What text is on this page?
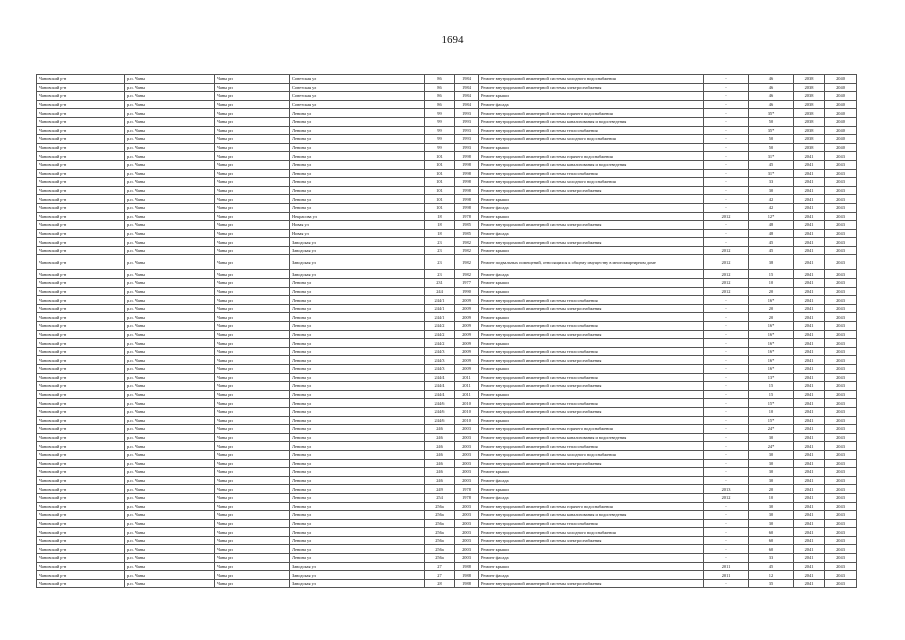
1694
Чановский р-н	р.п. Чаны	Чаны рп	Советская ул	86	1984	Ремонт внутридомовой инженерной системы холодного водоснабжения	-	46	2038	2040
Чановский р-н	р.п. Чаны	Чаны рп	Советская ул	86	1984	Ремонт внутридомовой инженерной системы электроснабжения	-	46	2038	2040
Чановский р-н	р.п. Чаны	Чаны рп	Советская ул	86	1984	Ремонт крыши	-	46	2038	2040
Чановский р-н	р.п. Чаны	Чаны рп	Советская ул	86	1984	Ремонт фасада	-	46	2038	2040
Чановский р-н	р.п. Чаны	Чаны рп	Ленина ул	99	1993	Ремонт внутридомовой инженерной системы горячего водоснабжения	-	35*	2038	2040
Чановский р-н	р.п. Чаны	Чаны рп	Ленина ул	99	1993	Ремонт внутридомовой инженерной системы канализования и водоотведения	-	50	2038	2040
Чановский р-н	р.п. Чаны	Чаны рп	Ленина ул	99	1993	Ремонт внутридомовой инженерной системы теплоснабжения	-	35*	2038	2040
Чановский р-н	р.п. Чаны	Чаны рп	Ленина ул	99	1993	Ремонт внутридомовой инженерной системы холодного водоснабжения	-	50	2038	2040
Чановский р-н	р.п. Чаны	Чаны рп	Ленина ул	99	1993	Ремонт крыши	-	50	2038	2040
Чановский р-н	р.п. Чаны	Чаны рп	Ленина ул	101	1998	Ремонт внутридомовой инженерной системы горячего водоснабжения	-	31*	2041	2043
Чановский р-н	р.п. Чаны	Чаны рп	Ленина ул	101	1998	Ремонт внутридомовой инженерной системы канализования и водоотведения	-	45	2041	2043
Чановский р-н	р.п. Чаны	Чаны рп	Ленина ул	101	1998	Ремонт внутридомовой инженерной системы теплоснабжения	-	31*	2041	2043
Чановский р-н	р.п. Чаны	Чаны рп	Ленина ул	101	1998	Ремонт внутридомовой инженерной системы холодного водоснабжения	-	33	2041	2043
Чановский р-н	р.п. Чаны	Чаны рп	Ленина ул	101	1998	Ремонт внутридомовой инженерной системы электроснабжения	-	30	2041	2043
Чановский р-н	р.п. Чаны	Чаны рп	Ленина ул	101	1998	Ремонт крыши	-	42	2041	2043
Чановский р-н	р.п. Чаны	Чаны рп	Ленина ул	101	1998	Ремонт фасада	-	42	2041	2043
Чановский р-н	р.п. Чаны	Чаны рп	Некрасова ул	18	1978	Ремонт крыши	2012	12*	2041	2043
Чановский р-н	р.п. Чаны	Чаны рп	Новая ул	18	1985	Ремонт внутридомовой инженерной системы электроснабжения	-	48	2041	2043
Чановский р-н	р.п. Чаны	Чаны рп	Новая ул	18	1985	Ремонт фасада	-	48	2041	2043
Чановский р-н	р.п. Чаны	Чаны рп	Заводская ул	23	1982	Ремонт внутридомовой инженерной системы электроснабжения	-	45	2041	2043
Чановский р-н	р.п. Чаны	Чаны рп	Заводская ул	23	1982	Ремонт крыши	2012	45	2041	2043
Чановский р-н	р.п. Чаны	Чаны рп	Заводская ул	23	1982	Ремонт подвальных помещений, относящихся к общему имуществу в многоквартирном доме	2012	38	2041	2043
Чановский р-н	р.п. Чаны	Чаны рп	Заводская ул	23	1982	Ремонт фасада	2012	15	2041	2043
Чановский р-н	р.п. Чаны	Чаны рп	Ленина ул	231	1977	Ремонт крыши	2012	10	2041	2043
Чановский р-н	р.п. Чаны	Чаны рп	Ленина ул	244	1990	Ремонт крыши	2012	20	2041	2043
Чановский р-н	р.п. Чаны	Чаны рп	Ленина ул	244/1	2009	Ремонт внутридомовой инженерной системы теплоснабжения	-	16*	2041	2043
Чановский р-н	р.п. Чаны	Чаны рп	Ленина ул	244/1	2009	Ремонт внутридомовой инженерной системы электроснабжения	-	20	2041	2043
Чановский р-н	р.п. Чаны	Чаны рп	Ленина ул	244/1	2009	Ремонт крыши	-	20	2041	2043
Чановский р-н	р.п. Чаны	Чаны рп	Ленина ул	244/2	2009	Ремонт внутридомовой инженерной системы теплоснабжения	-	16*	2041	2043
Чановский р-н	р.п. Чаны	Чаны рп	Ленина ул	244/2	2009	Ремонт внутридомовой инженерной системы электроснабжения	-	16*	2041	2043
Чановский р-н	р.п. Чаны	Чаны рп	Ленина ул	244/2	2009	Ремонт крыши	-	16*	2041	2043
Чановский р-н	р.п. Чаны	Чаны рп	Ленина ул	244/3	2009	Ремонт внутридомовой инженерной системы теплоснабжения	-	16*	2041	2043
Чановский р-н	р.п. Чаны	Чаны рп	Ленина ул	244/3	2009	Ремонт внутридомовой инженерной системы электроснабжения	-	16*	2041	2043
Чановский р-н	р.п. Чаны	Чаны рп	Ленина ул	244/3	2009	Ремонт крыши	-	16*	2041	2043
Чановский р-н	р.п. Чаны	Чаны рп	Ленина ул	244/4	2011	Ремонт внутридомовой инженерной системы теплоснабжения	-	13*	2041	2043
Чановский р-н	р.п. Чаны	Чаны рп	Ленина ул	244/4	2011	Ремонт внутридомовой инженерной системы электроснабжения	-	15	2041	2043
Чановский р-н	р.п. Чаны	Чаны рп	Ленина ул	244/4	2011	Ремонт крыши	-	15	2041	2043
Чановский р-н	р.п. Чаны	Чаны рп	Ленина ул	244/6	2010	Ремонт внутридомовой инженерной системы теплоснабжения	-	15*	2041	2043
Чановский р-н	р.п. Чаны	Чаны рп	Ленина ул	244/6	2010	Ремонт внутридомовой инженерной системы электроснабжения	-	10	2041	2043
Чановский р-н	р.п. Чаны	Чаны рп	Ленина ул	244/6	2010	Ремонт крыши	-	15*	2041	2043
Чановский р-н	р.п. Чаны	Чаны рп	Ленина ул	246	2003	Ремонт внутридомовой инженерной системы горячего водоснабжения	-	24*	2041	2043
Чановский р-н	р.п. Чаны	Чаны рп	Ленина ул	246	2003	Ремонт внутридомовой инженерной системы канализования и водоотведения	-	30	2041	2043
Чановский р-н	р.п. Чаны	Чаны рп	Ленина ул	246	2003	Ремонт внутридомовой инженерной системы теплоснабжения	-	24*	2041	2043
Чановский р-н	р.п. Чаны	Чаны рп	Ленина ул	246	2003	Ремонт внутридомовой инженерной системы холодного водоснабжения	-	30	2041	2043
Чановский р-н	р.п. Чаны	Чаны рп	Ленина ул	246	2003	Ремонт внутридомовой инженерной системы электроснабжения	-	30	2041	2043
Чановский р-н	р.п. Чаны	Чаны рп	Ленина ул	246	2003	Ремонт крыши	-	30	2041	2043
Чановский р-н	р.п. Чаны	Чаны рп	Ленина ул	246	2003	Ремонт фасада	-	30	2041	2043
Чановский р-н	р.п. Чаны	Чаны рп	Ленина ул	249	1978	Ремонт крыши	2013	20	2041	2043
Чановский р-н	р.п. Чаны	Чаны рп	Ленина ул	254	1978	Ремонт фасада	2012	10	2041	2043
Чановский р-н	р.п. Чаны	Чаны рп	Ленина ул	256а	2003	Ремонт внутридомовой инженерной системы горячего водоснабжения	-	30	2041	2043
Чановский р-н	р.п. Чаны	Чаны рп	Ленина ул	256а	2003	Ремонт внутридомовой инженерной системы канализования и водоотведения	-	30	2041	2043
Чановский р-н	р.п. Чаны	Чаны рп	Ленина ул	256а	2003	Ремонт внутридомовой инженерной системы теплоснабжения	-	30	2041	2043
Чановский р-н	р.п. Чаны	Чаны рп	Ленина ул	256а	2003	Ремонт внутридомовой инженерной системы холодного водоснабжения	-	60	2041	2043
Чановский р-н	р.п. Чаны	Чаны рп	Ленина ул	256а	2003	Ремонт внутридомовой инженерной системы электроснабжения	-	60	2041	2043
Чановский р-н	р.п. Чаны	Чаны рп	Ленина ул	256а	2003	Ремонт крыши	-	60	2041	2043
Чановский р-н	р.п. Чаны	Чаны рп	Ленина ул	256а	2003	Ремонт фасада	-	33	2041	2043
Чановский р-н	р.п. Чаны	Чаны рп	Заводская ул	27	1988	Ремонт крыши	2011	45	2041	2043
Чановский р-н	р.п. Чаны	Чаны рп	Заводская ул	27	1988	Ремонт фасада	2011	12	2041	2043
Чановский р-н	р.п. Чаны	Чаны рп	Заводская ул	28	1988	Ремонт внутридомовой инженерной системы электроснабжения	-	35	2041	2043
